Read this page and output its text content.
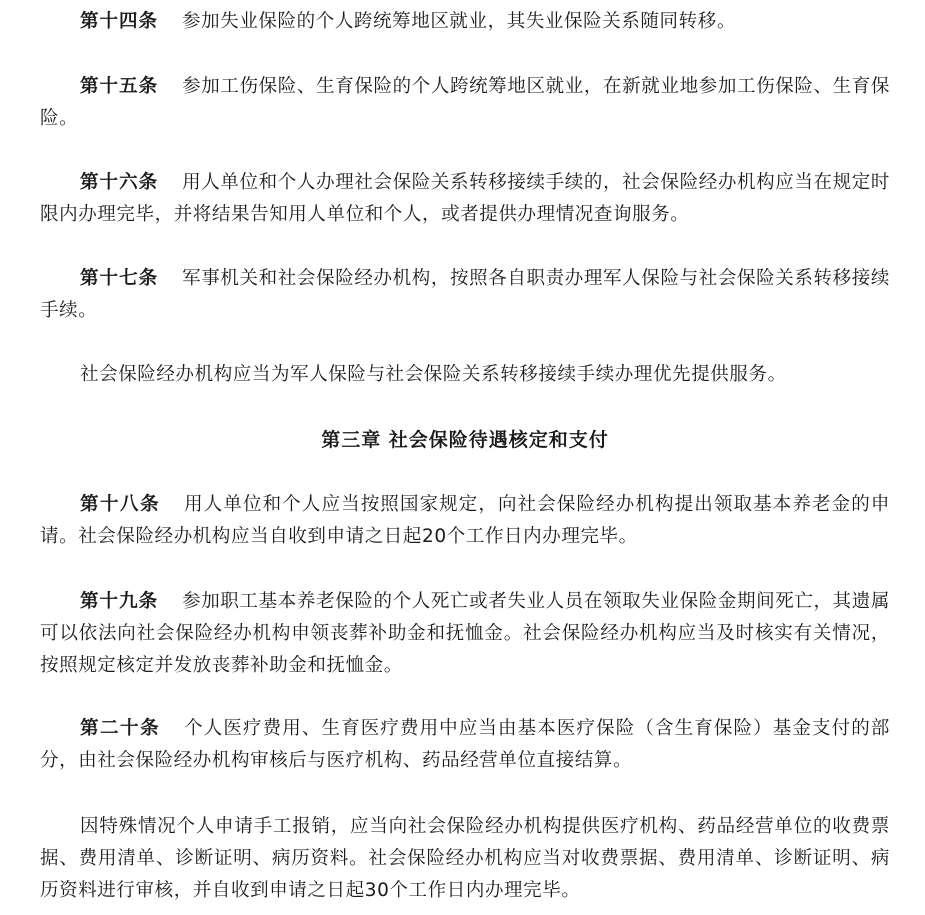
第十四条 参加失业保险的个人跨统筹地区就业，其失业保险关系随同转移。

第十五条 参加工伤保险、生育保险的个人跨统筹地区就业，在新就业地参加工伤保险、生育保险。

第十六条 用人单位和个人办理社会保险关系转移接续手续的，社会保险经办机构应当在规定时限内办理完毕，并将结果告知用人单位和个人，或者提供办理情况查询服务。

第十七条 军事机关和社会保险经办机构，按照各自职责办理军人保险与社会保险关系转移接续手续。

社会保险经办机构应当为军人保险与社会保险关系转移接续手续办理优先提供服务。

第三章 社会保险待遇核定和支付

第十八条 用人单位和个人应当按照国家规定，向社会保险经办机构提出领取基本养老金的申请。社会保险经办机构应当自收到申请之日起20个工作日内办理完毕。

第十九条 参加职工基本养老保险的个人死亡或者失业人员在领取失业保险金期间死亡，其遗属可以依法向社会保险经办机构申领丧葬补助金和抚恤金。社会保险经办机构应当及时核实有关情况，按照规定核定并发放丧葬补助金和抚恤金。

第二十条 个人医疗费用、生育医疗费用中应当由基本医疗保险（含生育保险）基金支付的部分，由社会保险经办机构审核后与医疗机构、药品经营单位直接结算。

因特殊情况个人申请手工报销，应当向社会保险经办机构提供医疗机构、药品经营单位的收费票据、费用清单、诊断证明、病历资料。社会保险经办机构应当对收费票据、费用清单、诊断证明、病历资料进行审核，并自收到申请之日起30个工作日内办理完毕。
